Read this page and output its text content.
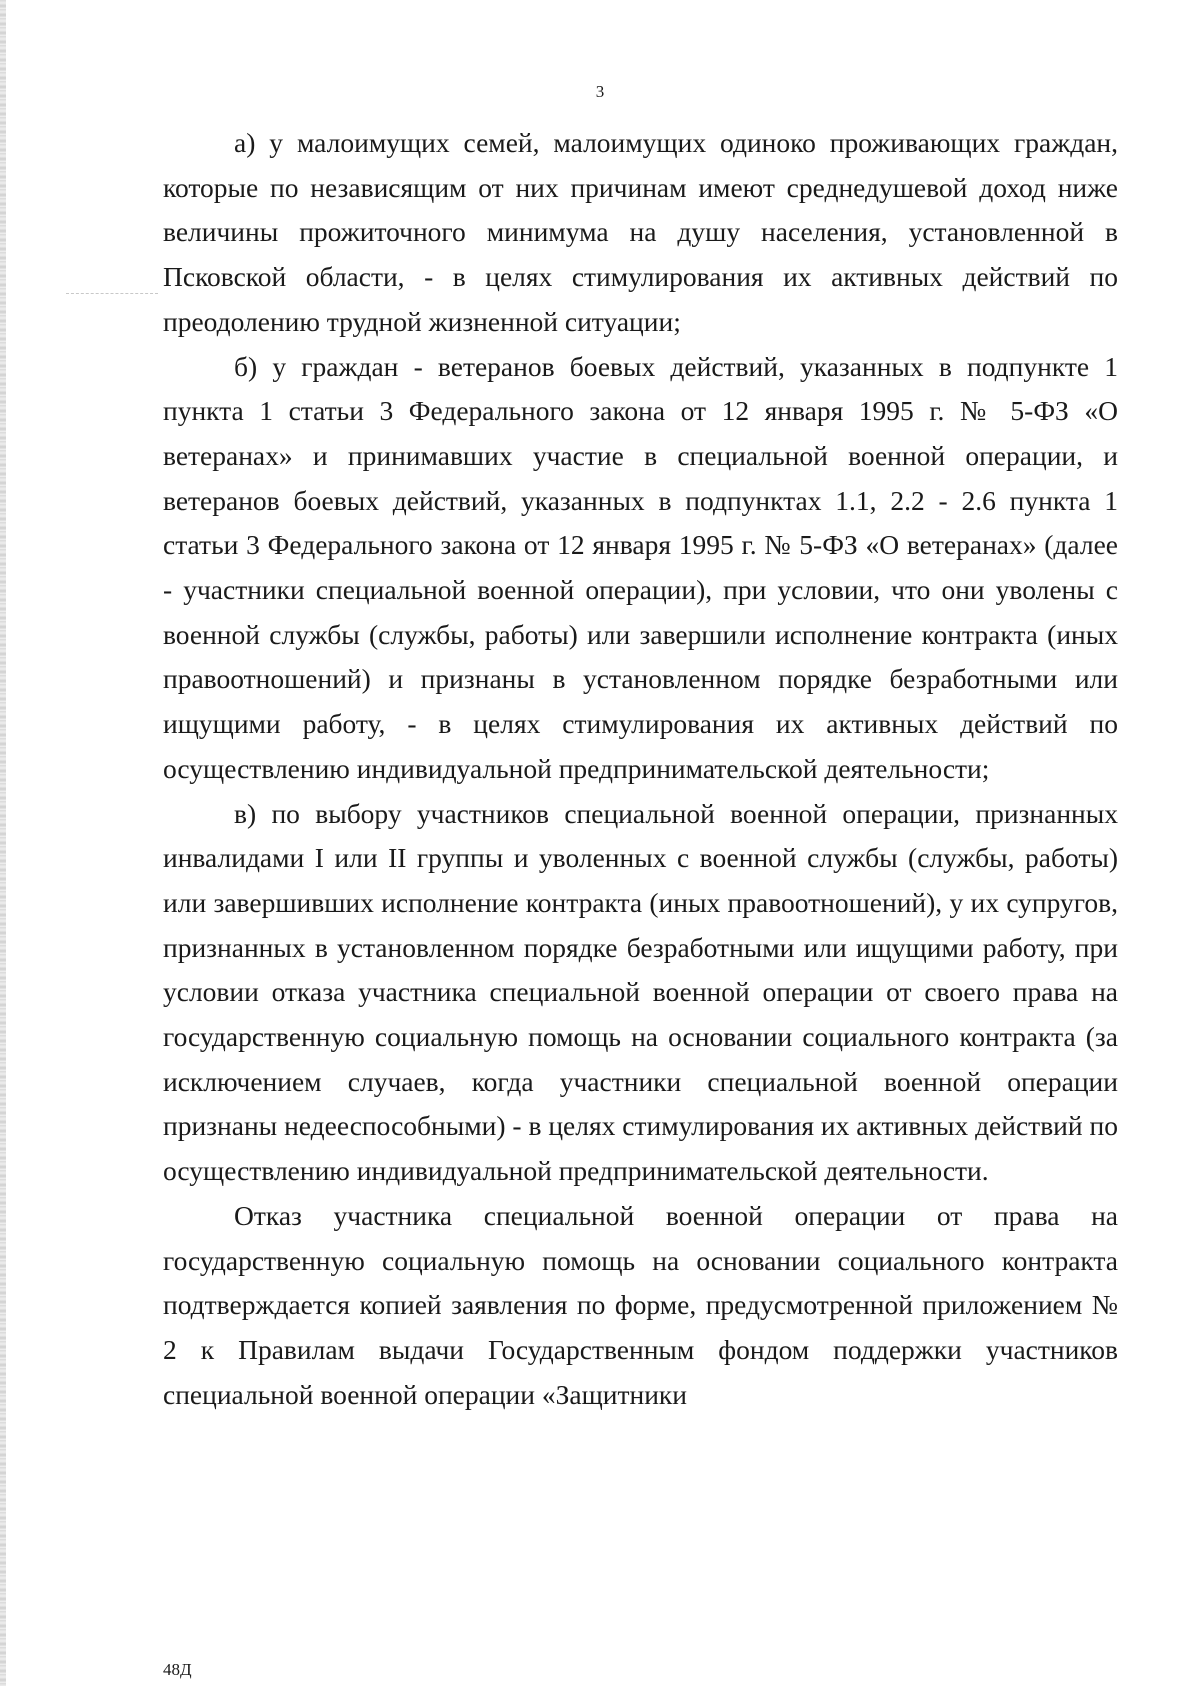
3

а) у малоимущих семей, малоимущих одиноко проживающих граждан, которые по независящим от них причинам имеют среднедушевой доход ниже величины прожиточного минимума на душу населения, установленной в Псковской области, - в целях стимулирования их активных действий по преодолению трудной жизненной ситуации;

б) у граждан - ветеранов боевых действий, указанных в подпункте 1 пункта 1 статьи 3 Федерального закона от 12 января 1995 г. № 5-ФЗ «О ветеранах» и принимавших участие в специальной военной операции, и ветеранов боевых действий, указанных в подпунктах 1.1, 2.2 - 2.6 пункта 1 статьи 3 Федерального закона от 12 января 1995 г. № 5-ФЗ «О ветеранах» (далее - участники специальной военной операции), при условии, что они уволены с военной службы (службы, работы) или завершили исполнение контракта (иных правоотношений) и признаны в установленном порядке безработными или ищущими работу, - в целях стимулирования их активных действий по осуществлению индивидуальной предпринимательской деятельности;

в) по выбору участников специальной военной операции, признанных инвалидами I или II группы и уволенных с военной службы (службы, работы) или завершивших исполнение контракта (иных правоотношений), у их супругов, признанных в установленном порядке безработными или ищущими работу, при условии отказа участника специальной военной операции от своего права на государственную социальную помощь на основании социального контракта (за исключением случаев, когда участники специальной военной операции признаны недееспособными) - в целях стимулирования их активных действий по осуществлению индивидуальной предпринимательской деятельности.

Отказ участника специальной военной операции от права на государственную социальную помощь на основании социального контракта подтверждается копией заявления по форме, предусмотренной приложением № 2 к Правилам выдачи Государственным фондом поддержки участников специальной военной операции «Защитники

48Д
